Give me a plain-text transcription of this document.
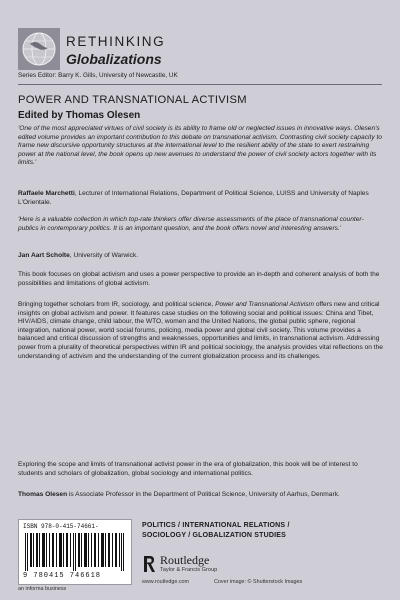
RETHINKING
Globalizations
Series Editor: Barry K. Gills, University of Newcastle, UK
POWER AND TRANSNATIONAL ACTIVISM
Edited by Thomas Olesen
'One of the most appreciated virtues of civil society is its ability to frame old or neglected issues in innovative ways. Olesen's edited volume provides an important contribution to this debate on transnational activism. Contrasting civil society capacity to frame new discursive opportunity structures at the international level to the resilient ability of the state to exert restraining power at the national level, the book opens up new avenues to understand the power of civil society actors together with its limits.'
Raffaele Marchetti, Lecturer of International Relations, Department of Political Science, LUISS and University of Naples L'Orientale.
'Here is a valuable collection in which top-rate thinkers offer diverse assessments of the place of transnational counter-publics in contemporary politics. It is an important question, and the book offers novel and interesting answers.'
Jan Aart Scholte, University of Warwick.
This book focuses on global activism and uses a power perspective to provide an in-depth and coherent analysis of both the possibilities and limitations of global activism.
Bringing together scholars from IR, sociology, and political science, Power and Transnational Activism offers new and critical insights on global activism and power. It features case studies on the following social and political issues: China and Tibet, HIV/AIDS, climate change, child labour, the WTO, women and the United Nations, the global public sphere, regional integration, national power, world social forums, policing, media power and global civil society. This volume provides a balanced and critical discussion of strengths and weaknesses, opportunities and limits, in transnational activism. Addressing power from a plurality of theoretical perspectives within IR and political sociology, the analysis provides vital reflections on the understanding of activism and the understanding of the current globalization process and its challenges.
Exploring the scope and limits of transnational activist power in the era of globalization, this book will be of interest to students and scholars of globalization, global sociology and international politics.
Thomas Olesen is Associate Professor in the Department of Political Science, University of Aarhus, Denmark.
ISBN 978-0-415-74661-
9 780415 746618
an informa business
POLITICS / INTERNATIONAL RELATIONS /
SOCIOLOGY / GLOBALIZATION STUDIES
Routledge
Taylor & Francis Group
www.routledge.com	Cover image: © Shutterstock Images
